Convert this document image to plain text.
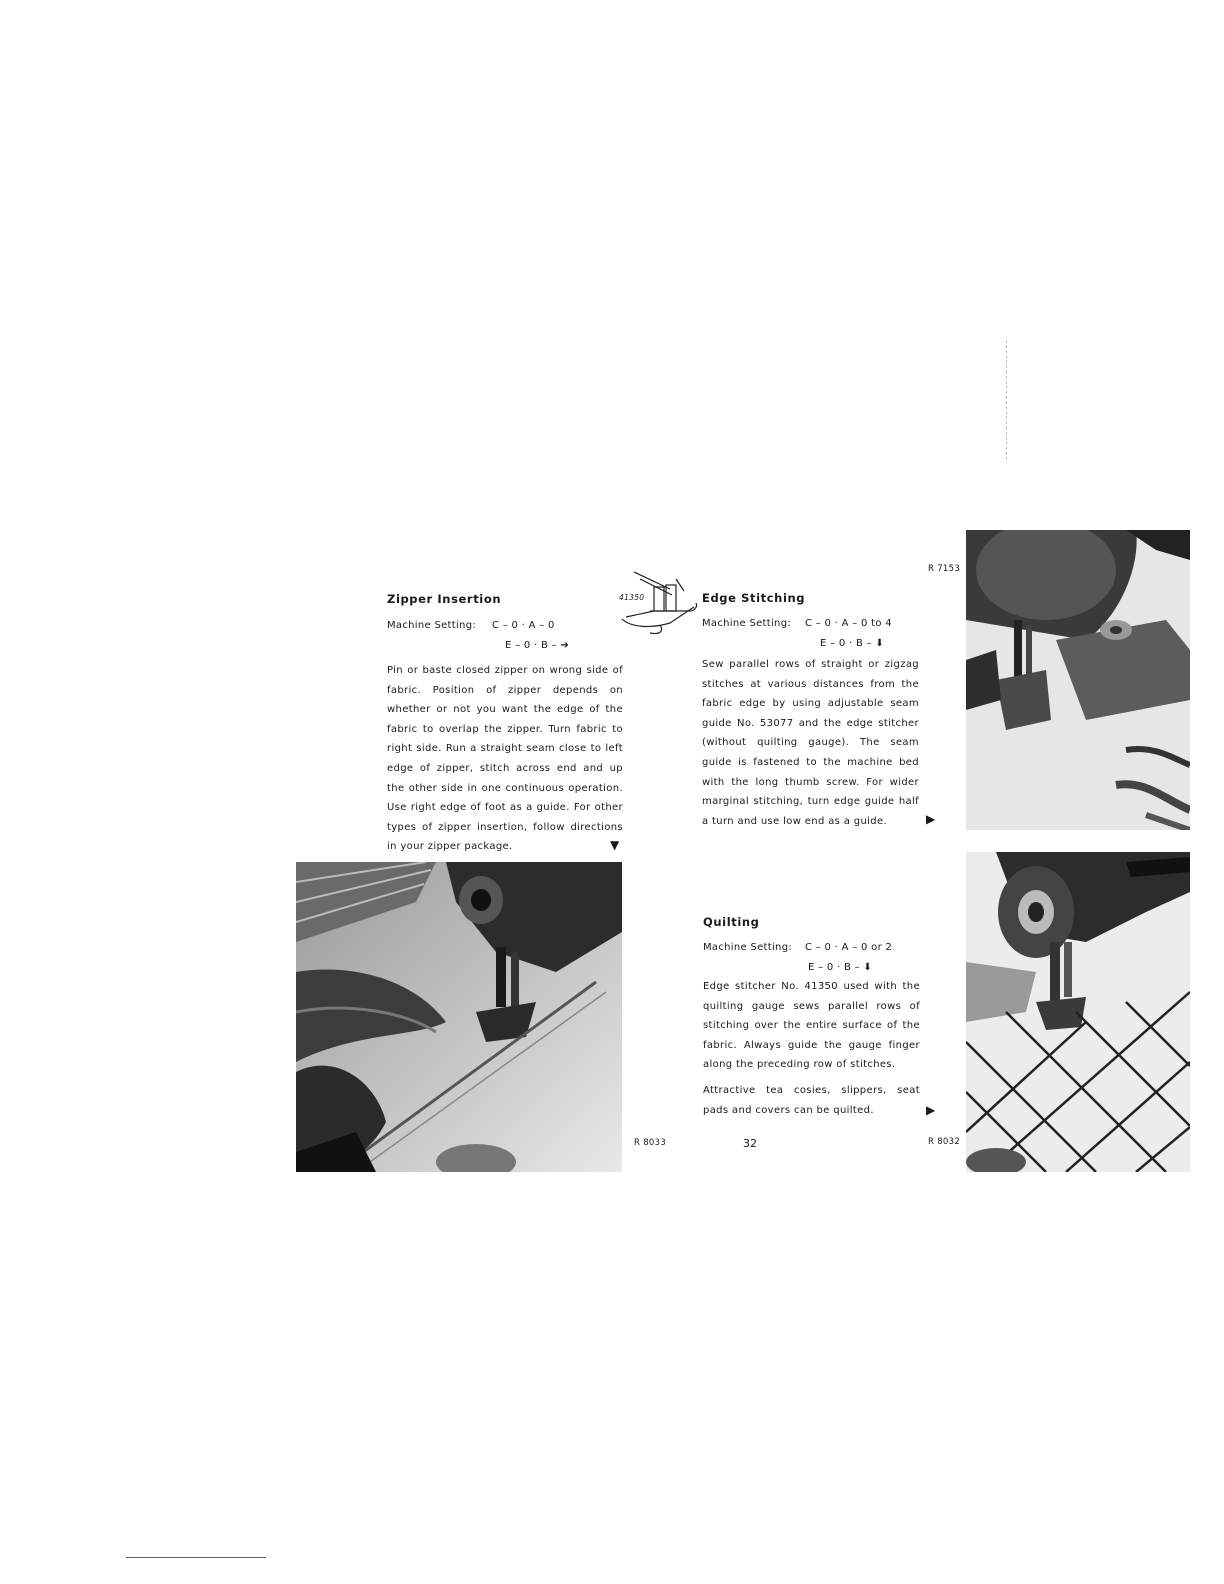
Zipper Insertion
Machine Setting: C – 0 · A – 0
E – 0 · B – ➔
Pin or baste closed zipper on wrong side of fabric. Position of zipper depends on whether or not you want the edge of the fabric to overlap the zipper. Turn fabric to right side. Run a straight seam close to left edge of zipper, stitch across end and up the other side in one continuous operation. Use right edge of foot as a guide. For other types of zipper insertion, follow directions in your zipper package.	▼
41350
R 7153
Edge Stitching
Machine Setting: C – 0 · A – 0 to 4
E – 0 · B – ⬇
Sew parallel rows of straight or zigzag stitches at various distances from the fabric edge by using adjustable seam guide No. 53077 and the edge stitcher (without quilting gauge). The seam guide is fastened to the machine bed with the long thumb screw. For wider marginal stitching, turn edge guide half a turn and use low end as a guide.	▶
Quilting
Machine Setting: C – 0 · A – 0 or 2
E – 0 · B – ⬇
Edge stitcher No. 41350 used with the quilting gauge sews parallel rows of stitching over the entire surface of the fabric. Always guide the gauge finger along the preceding row of stitches.
Attractive tea cosies, slippers, seat pads and covers can be quilted.	▶
R 8033	32	R 8032
